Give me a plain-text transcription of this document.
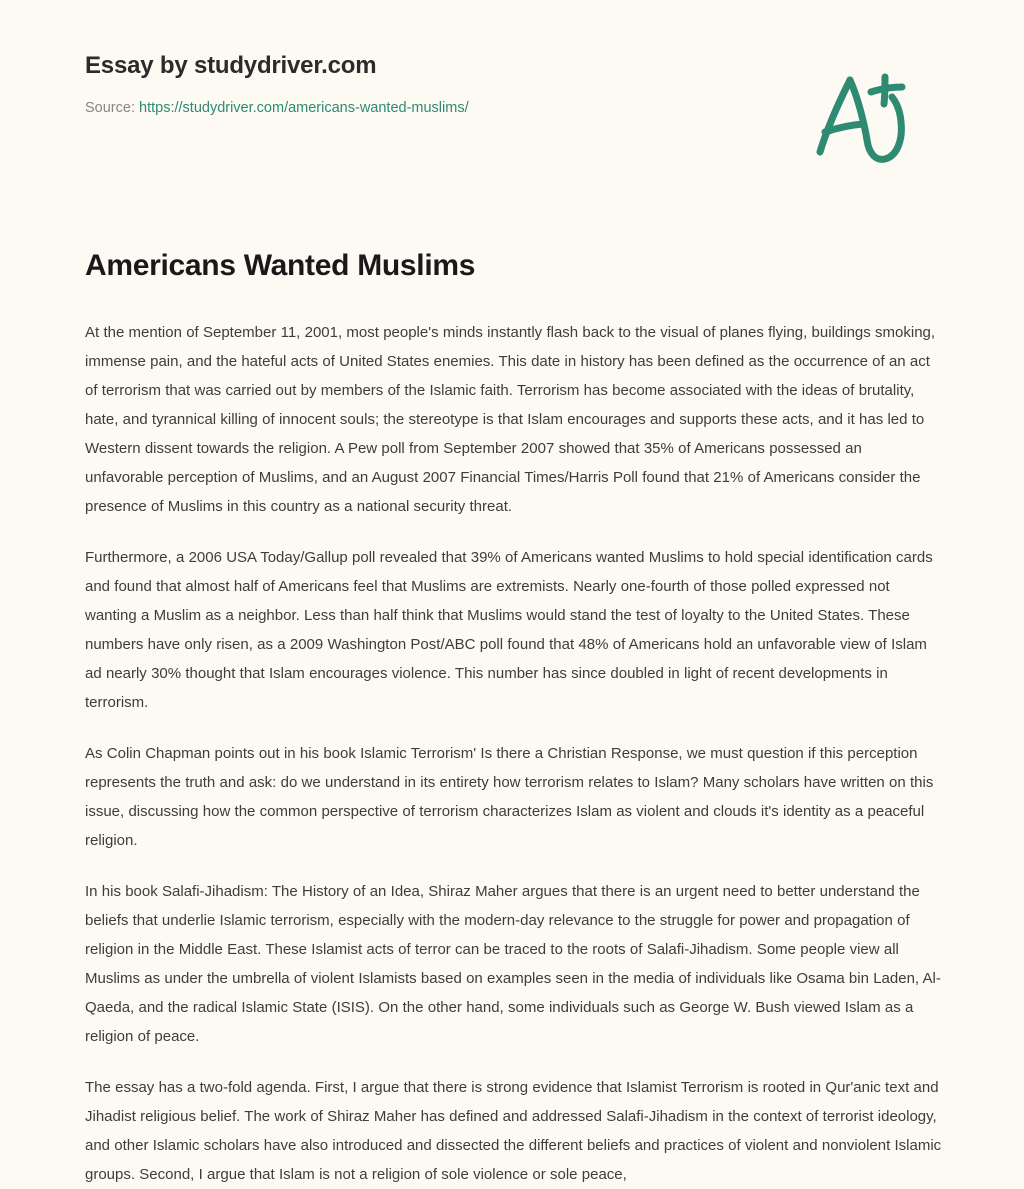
Essay by studydriver.com
Source: https://studydriver.com/americans-wanted-muslims/
Americans Wanted Muslims

At the mention of September 11, 2001, most people's minds instantly flash back to the visual of planes flying, buildings smoking, immense pain, and the hateful acts of United States enemies. This date in history has been defined as the occurrence of an act of terrorism that was carried out by members of the Islamic faith. Terrorism has become associated with the ideas of brutality, hate, and tyrannical killing of innocent souls; the stereotype is that Islam encourages and supports these acts, and it has led to Western dissent towards the religion. A Pew poll from September 2007 showed that 35% of Americans possessed an unfavorable perception of Muslims, and an August 2007 Financial Times/Harris Poll found that 21% of Americans consider the presence of Muslims in this country as a national security threat.

Furthermore, a 2006 USA Today/Gallup poll revealed that 39% of Americans wanted Muslims to hold special identification cards and found that almost half of Americans feel that Muslims are extremists. Nearly one-fourth of those polled expressed not wanting a Muslim as a neighbor. Less than half think that Muslims would stand the test of loyalty to the United States. These numbers have only risen, as a 2009 Washington Post/ABC poll found that 48% of Americans hold an unfavorable view of Islam ad nearly 30% thought that Islam encourages violence. This number has since doubled in light of recent developments in terrorism.

As Colin Chapman points out in his book Islamic Terrorism' Is there a Christian Response, we must question if this perception represents the truth and ask: do we understand in its entirety how terrorism relates to Islam? Many scholars have written on this issue, discussing how the common perspective of terrorism characterizes Islam as violent and clouds it's identity as a peaceful religion.

In his book Salafi-Jihadism: The History of an Idea, Shiraz Maher argues that there is an urgent need to better understand the beliefs that underlie Islamic terrorism, especially with the modern-day relevance to the struggle for power and propagation of religion in the Middle East. These Islamist acts of terror can be traced to the roots of Salafi-Jihadism. Some people view all Muslims as under the umbrella of violent Islamists based on examples seen in the media of individuals like Osama bin Laden, Al-Qaeda, and the radical Islamic State (ISIS). On the other hand, some individuals such as George W. Bush viewed Islam as a religion of peace.

The essay has a two-fold agenda. First, I argue that there is strong evidence that Islamist Terrorism is rooted in Qur'anic text and Jihadist religious belief. The work of Shiraz Maher has defined and addressed Salafi-Jihadism in the context of terrorist ideology, and other Islamic scholars have also introduced and dissected the different beliefs and practices of violent and nonviolent Islamic groups. Second, I argue that Islam is not a religion of sole violence or sole peace,
